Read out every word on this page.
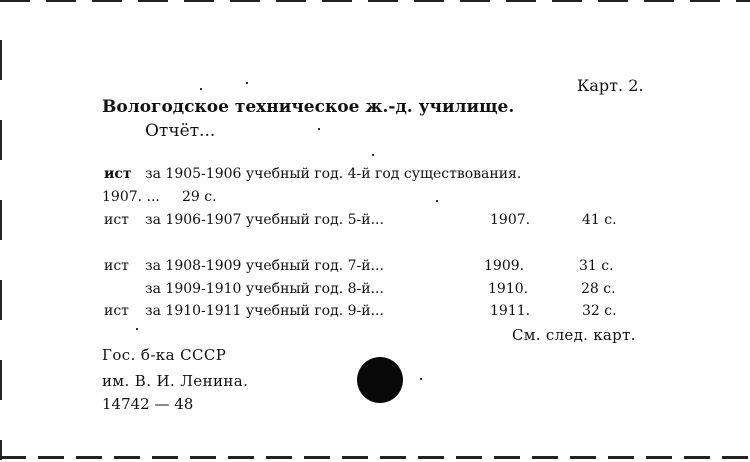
Карт. 2.
Вологодское техническое ж.-д. училище.
Отчёт...
ист за 1905-1906 учебный год. 4-й год существования.
1907. ... 29 с.
ист за 1906-1907 учебный год. 5-й...	1907.	41 с.
ист за 1908-1909 учебный год. 7-й...	1909.	31 с.
за 1909-1910 учебный год. 8-й...	1910.	28 с.
ист за 1910-1911 учебный год. 9-й...	1911.	32 с.
См. след. карт.
Гос. б-ка СССР
им. В. И. Ленина.
14742 — 48
